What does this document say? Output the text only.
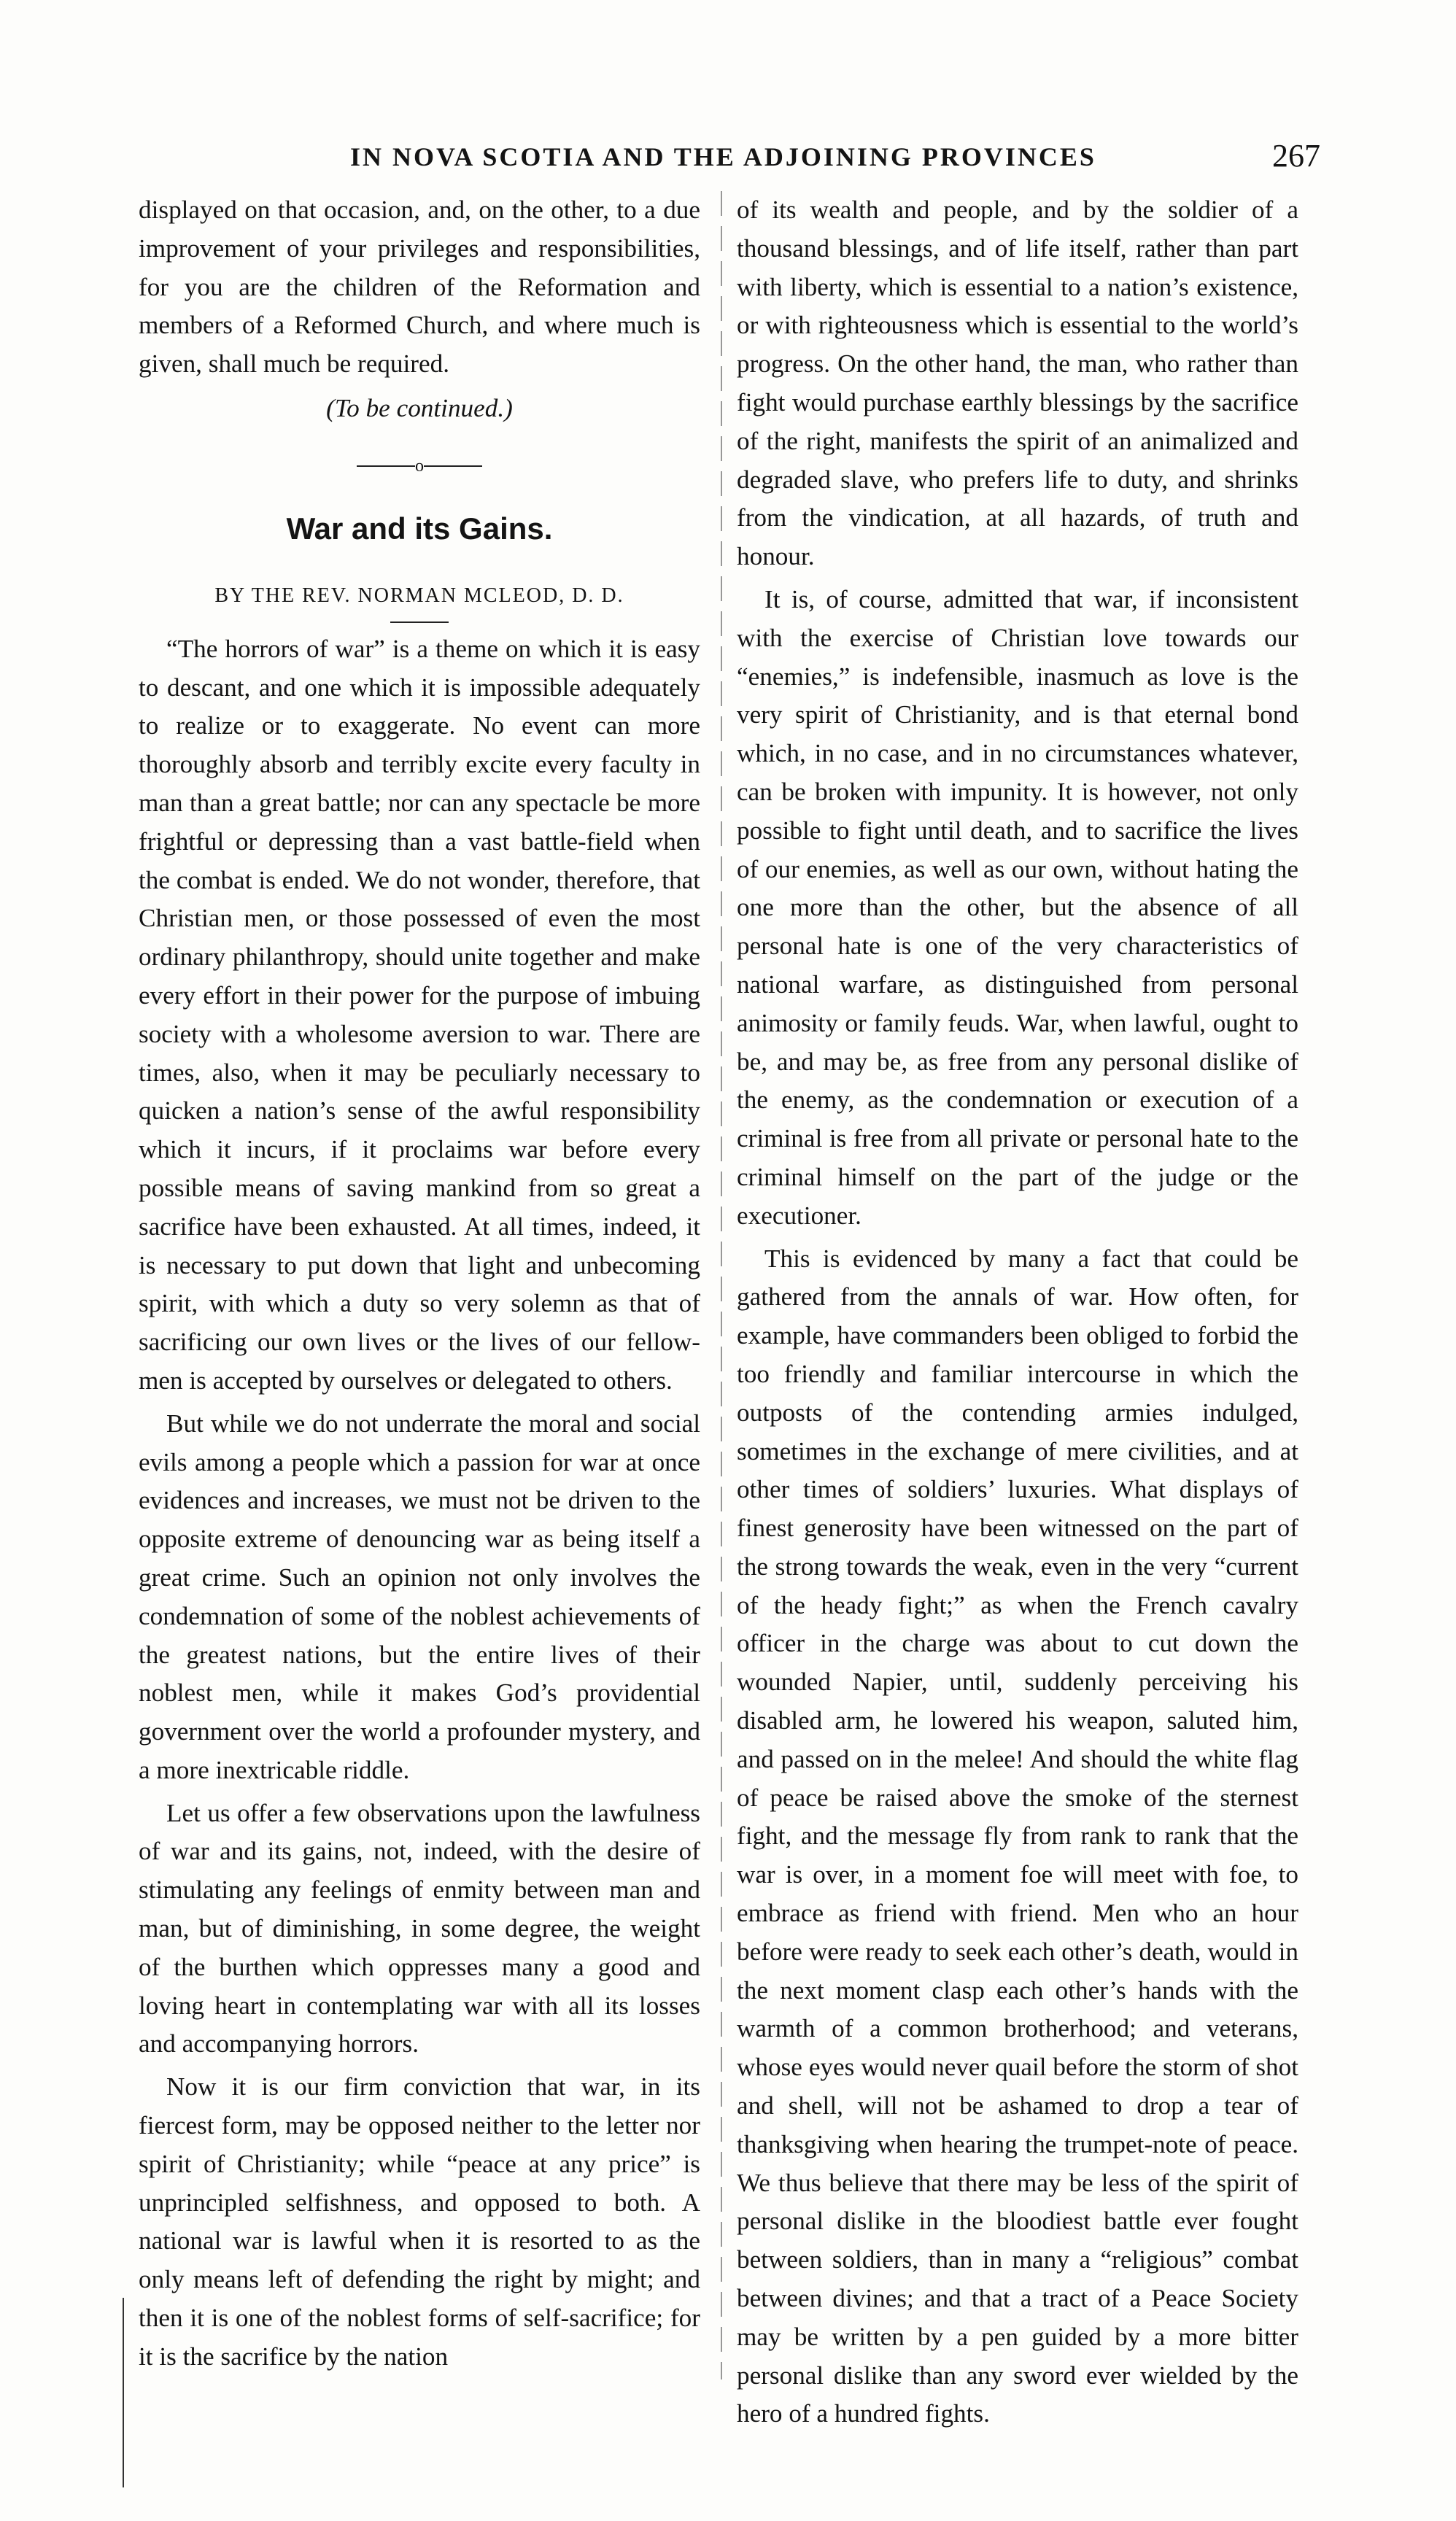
IN NOVA SCOTIA AND THE ADJOINING PROVINCES	267

displayed on that occasion, and, on the other, to a due improvement of your privileges and responsibilities, for you are the children of the Reformation and members of a Reformed Church, and where much is given, shall much be required.

(To be continued.)
o
War and its Gains.
BY THE REV. NORMAN MCLEOD, D. D.

“The horrors of war” is a theme on which it is easy to descant, and one which it is impossible adequately to realize or to exaggerate. No event can more thoroughly absorb and terribly excite every faculty in man than a great battle; nor can any spectacle be more frightful or depressing than a vast battle-field when the combat is ended. We do not wonder, therefore, that Christian men, or those possessed of even the most ordinary philanthropy, should unite together and make every effort in their power for the purpose of imbuing society with a wholesome aversion to war. There are times, also, when it may be peculiarly necessary to quicken a nation’s sense of the awful responsibility which it incurs, if it proclaims war before every possible means of saving mankind from so great a sacrifice have been exhausted. At all times, indeed, it is necessary to put down that light and unbecoming spirit, with which a duty so very solemn as that of sacrificing our own lives or the lives of our fellow-men is accepted by ourselves or delegated to others.

But while we do not underrate the moral and social evils among a people which a passion for war at once evidences and increases, we must not be driven to the opposite extreme of denouncing war as being itself a great crime. Such an opinion not only involves the condemnation of some of the noblest achievements of the greatest nations, but the entire lives of their noblest men, while it makes God’s providential government over the world a profounder mystery, and a more inextricable riddle.

Let us offer a few observations upon the lawfulness of war and its gains, not, indeed, with the desire of stimulating any feelings of enmity between man and man, but of diminishing, in some degree, the weight of the burthen which oppresses many a good and loving heart in contemplating war with all its losses and accompanying horrors.

Now it is our firm conviction that war, in its fiercest form, may be opposed neither to the letter nor spirit of Christianity; while “peace at any price” is unprincipled selfishness, and opposed to both. A national war is lawful when it is resorted to as the only means left of defending the right by might; and then it is one of the noblest forms of self-sacrifice; for it is the sacrifice by the nation

of its wealth and people, and by the soldier of a thousand blessings, and of life itself, rather than part with liberty, which is essential to a nation’s existence, or with righteousness which is essential to the world’s progress. On the other hand, the man, who rather than fight would purchase earthly blessings by the sacrifice of the right, manifests the spirit of an animalized and degraded slave, who prefers life to duty, and shrinks from the vindication, at all hazards, of truth and honour.

It is, of course, admitted that war, if inconsistent with the exercise of Christian love towards our “enemies,” is indefensible, inasmuch as love is the very spirit of Christianity, and is that eternal bond which, in no case, and in no circumstances whatever, can be broken with impunity. It is however, not only possible to fight until death, and to sacrifice the lives of our enemies, as well as our own, without hating the one more than the other, but the absence of all personal hate is one of the very characteristics of national warfare, as distinguished from personal animosity or family feuds. War, when lawful, ought to be, and may be, as free from any personal dislike of the enemy, as the condemnation or execution of a criminal is free from all private or personal hate to the criminal himself on the part of the judge or the executioner.

This is evidenced by many a fact that could be gathered from the annals of war. How often, for example, have commanders been obliged to forbid the too friendly and familiar intercourse in which the outposts of the contending armies indulged, sometimes in the exchange of mere civilities, and at other times of soldiers’ luxuries. What displays of finest generosity have been witnessed on the part of the strong towards the weak, even in the very “current of the heady fight;” as when the French cavalry officer in the charge was about to cut down the wounded Napier, until, suddenly perceiving his disabled arm, he lowered his weapon, saluted him, and passed on in the melee! And should the white flag of peace be raised above the smoke of the sternest fight, and the message fly from rank to rank that the war is over, in a moment foe will meet with foe, to embrace as friend with friend. Men who an hour before were ready to seek each other’s death, would in the next moment clasp each other’s hands with the warmth of a common brotherhood; and veterans, whose eyes would never quail before the storm of shot and shell, will not be ashamed to drop a tear of thanksgiving when hearing the trumpet-note of peace. We thus believe that there may be less of the spirit of personal dislike in the bloodiest battle ever fought between soldiers, than in many a “religious” combat between divines; and that a tract of a Peace Society may be written by a pen guided by a more bitter personal dislike than any sword ever wielded by the hero of a hundred fights.
